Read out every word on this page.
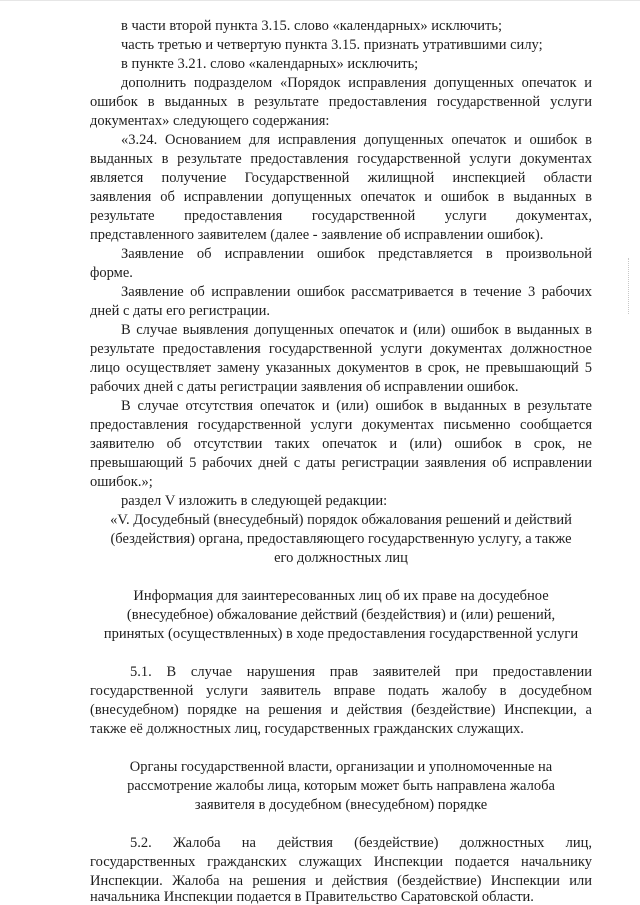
в части второй пункта 3.15. слово «календарных» исключить;
часть третью и четвертую пункта 3.15. признать утратившими силу;
в пункте 3.21. слово «календарных» исключить;
дополнить подразделом «Порядок исправления допущенных опечаток и
ошибок в выданных в результате предоставления государственной услуги
документах» следующего содержания:
«3.24. Основанием для исправления допущенных опечаток и ошибок в
выданных в результате предоставления государственной услуги документах
является получение Государственной жилищной инспекцией области
заявления об исправлении допущенных опечаток и ошибок в выданных в
результате предоставления государственной услуги документах,
представленного заявителем (далее - заявление об исправлении ошибок).
Заявление об исправлении ошибок представляется в произвольной
форме.
Заявление об исправлении ошибок рассматривается в течение 3 рабочих
дней с даты его регистрации.
В случае выявления допущенных опечаток и (или) ошибок в выданных в
результате предоставления государственной услуги документах должностное
лицо осуществляет замену указанных документов в срок, не превышающий 5
рабочих дней с даты регистрации заявления об исправлении ошибок.
В случае отсутствия опечаток и (или) ошибок в выданных в результате
предоставления государственной услуги документах письменно сообщается
заявителю об отсутствии таких опечаток и (или) ошибок в срок, не
превышающий 5 рабочих дней с даты регистрации заявления об исправлении
ошибок.»;
раздел V изложить в следующей редакции:
«V. Досудебный (внесудебный) порядок обжалования решений и действий
(бездействия) органа, предоставляющего государственную услугу, а также
его должностных лиц
Информация для заинтересованных лиц об их праве на досудебное
(внесудебное) обжалование действий (бездействия) и (или) решений,
принятых (осуществленных) в ходе предоставления государственной услуги
5.1. В случае нарушения прав заявителей при предоставлении
государственной услуги заявитель вправе подать жалобу в досудебном
(внесудебном) порядке на решения и действия (бездействие) Инспекции, а
также её должностных лиц, государственных гражданских служащих.
Органы государственной власти, организации и уполномоченные на
рассмотрение жалобы лица, которым может быть направлена жалоба
заявителя в досудебном (внесудебном) порядке
5.2. Жалоба на действия (бездействие) должностных лиц,
государственных гражданских служащих Инспекции подается начальнику
Инспекции. Жалоба на решения и действия (бездействие) Инспекции или
начальника Инспекции подается в Правительство Саратовской области.
